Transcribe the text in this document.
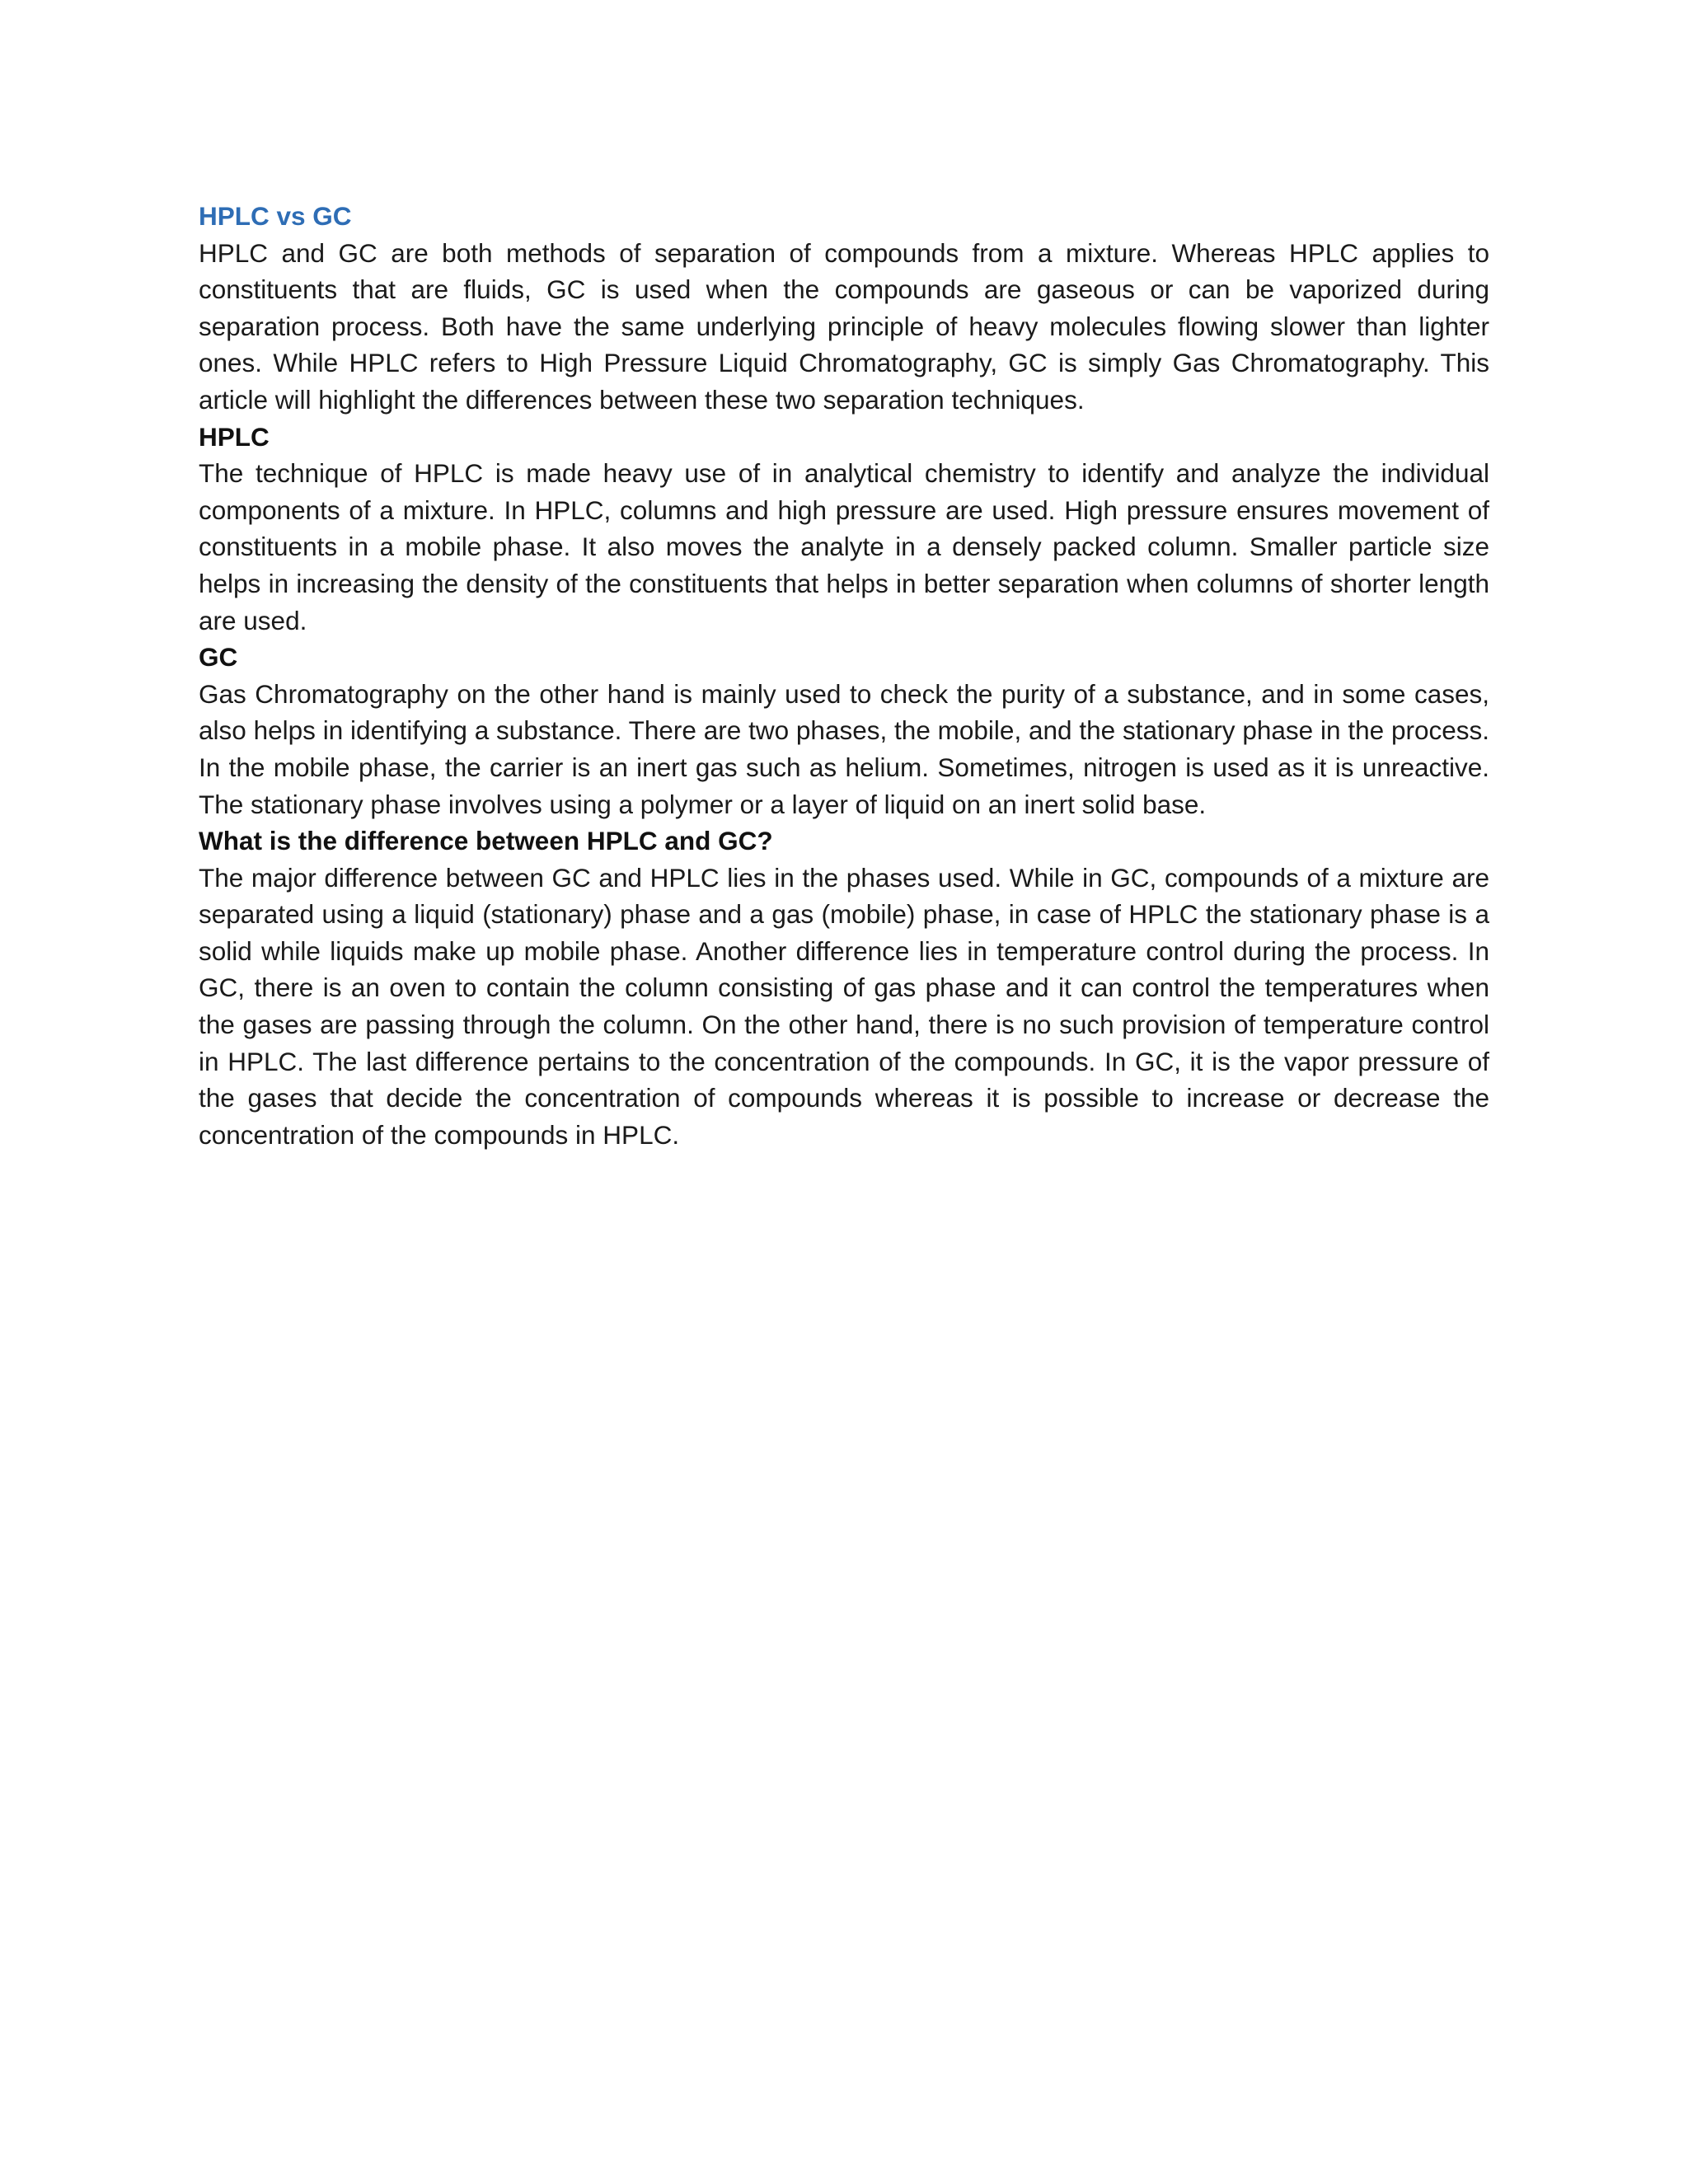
HPLC vs GC

HPLC and GC are both methods of separation of compounds from a mixture. Whereas HPLC applies to constituents that are fluids, GC is used when the compounds are gaseous or can be vaporized during separation process. Both have the same underlying principle of heavy molecules flowing slower than lighter ones. While HPLC refers to High Pressure Liquid Chromatography, GC is simply Gas Chromatography. This article will highlight the differences between these two separation techniques.

HPLC

The technique of HPLC is made heavy use of in analytical chemistry to identify and analyze the individual components of a mixture. In HPLC, columns and high pressure are used. High pressure ensures movement of constituents in a mobile phase. It also moves the analyte in a densely packed column. Smaller particle size helps in increasing the density of the constituents that helps in better separation when columns of shorter length are used.

GC

Gas Chromatography on the other hand is mainly used to check the purity of a substance, and in some cases, also helps in identifying a substance. There are two phases, the mobile, and the stationary phase in the process. In the mobile phase, the carrier is an inert gas such as helium. Sometimes, nitrogen is used as it is unreactive. The stationary phase involves using a polymer or a layer of liquid on an inert solid base.

What is the difference between HPLC and GC?

The major difference between GC and HPLC lies in the phases used. While in GC, compounds of a mixture are separated using a liquid (stationary) phase and a gas (mobile) phase, in case of HPLC the stationary phase is a solid while liquids make up mobile phase. Another difference lies in temperature control during the process. In GC, there is an oven to contain the column consisting of gas phase and it can control the temperatures when the gases are passing through the column. On the other hand, there is no such provision of temperature control in HPLC. The last difference pertains to the concentration of the compounds. In GC, it is the vapor pressure of the gases that decide the concentration of compounds whereas it is possible to increase or decrease the concentration of the compounds in HPLC.
